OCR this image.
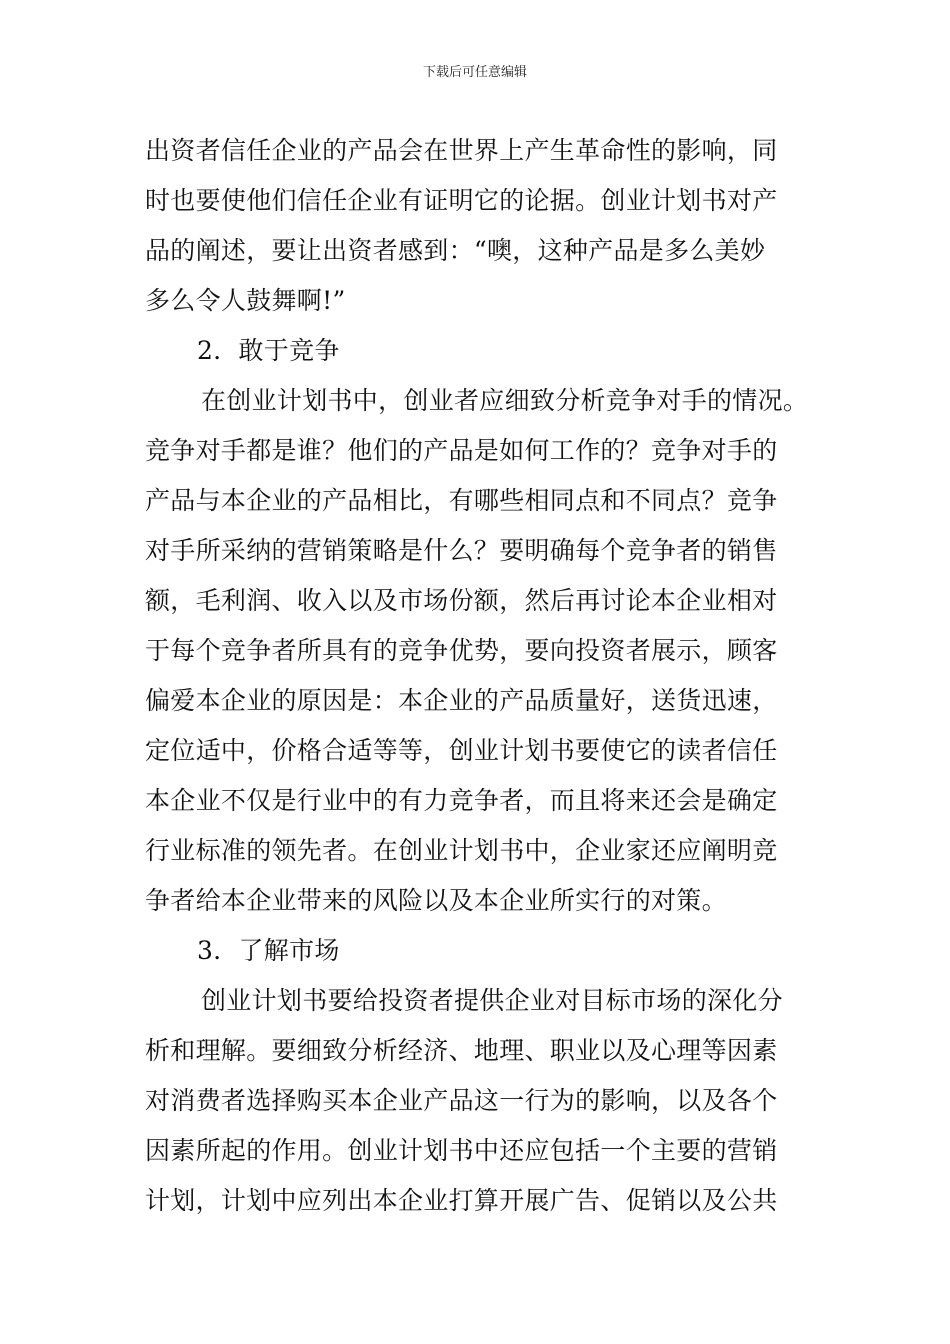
下载后可任意编辑
出资者信任企业的产品会在世界上产生革命性的影响，同
时也要使他们信任企业有证明它的论据。创业计划书对产
品的阐述，要让出资者感到：“噢，这种产品是多么美妙
多么令人鼓舞啊!”
2．敢于竞争
在创业计划书中，创业者应细致分析竞争对手的情况。
竞争对手都是谁？他们的产品是如何工作的？竞争对手的
产品与本企业的产品相比，有哪些相同点和不同点？竞争
对手所采纳的营销策略是什么？要明确每个竞争者的销售
额，毛利润、收入以及市场份额，然后再讨论本企业相对
于每个竞争者所具有的竞争优势，要向投资者展示，顾客
偏爱本企业的原因是：本企业的产品质量好，送货迅速，
定位适中，价格合适等等，创业计划书要使它的读者信任
本企业不仅是行业中的有力竞争者，而且将来还会是确定
行业标准的领先者。在创业计划书中，企业家还应阐明竞
争者给本企业带来的风险以及本企业所实行的对策。
3．了解市场
创业计划书要给投资者提供企业对目标市场的深化分
析和理解。要细致分析经济、地理、职业以及心理等因素
对消费者选择购买本企业产品这一行为的影响，以及各个
因素所起的作用。创业计划书中还应包括一个主要的营销
计划，计划中应列出本企业打算开展广告、促销以及公共
